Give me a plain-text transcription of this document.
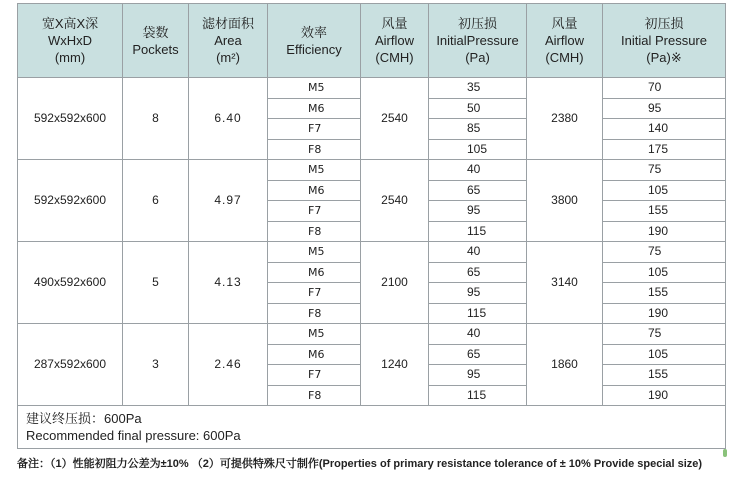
宽X高X深
WxHxD
(mm)	袋数
Pockets	滤材面积
Area
(m²)	效率
Efficiency	风量
Airflow
(CMH)	初压损
InitialPressure
(Pa)	风量
Airflow
(CMH)	初压损
Initial Pressure
(Pa)※

592x592x600	8	6.40	M5	2540	35	2380	70
			M6		50		95
			F7		85		140
			F8		105		175
592x592x600	6	4.97	M5	2540	40	3800	75
			M6		65		105
			F7		95		155
			F8		115		190
490x592x600	5	4.13	M5	2100	40	3140	75
			M6		65		105
			F7		95		155
			F8		115		190
287x592x600	3	2.46	M5	1240	40	1860	75
			M6		65		105
			F7		95		155
			F8		115		190

建议终压损：600Pa
Recommended final pressure: 600Pa							
备注：（1）性能初阻力公差为±10% （2）可提供特殊尺寸制作(Properties of primary resistance tolerance of ± 10% Provide special size)
